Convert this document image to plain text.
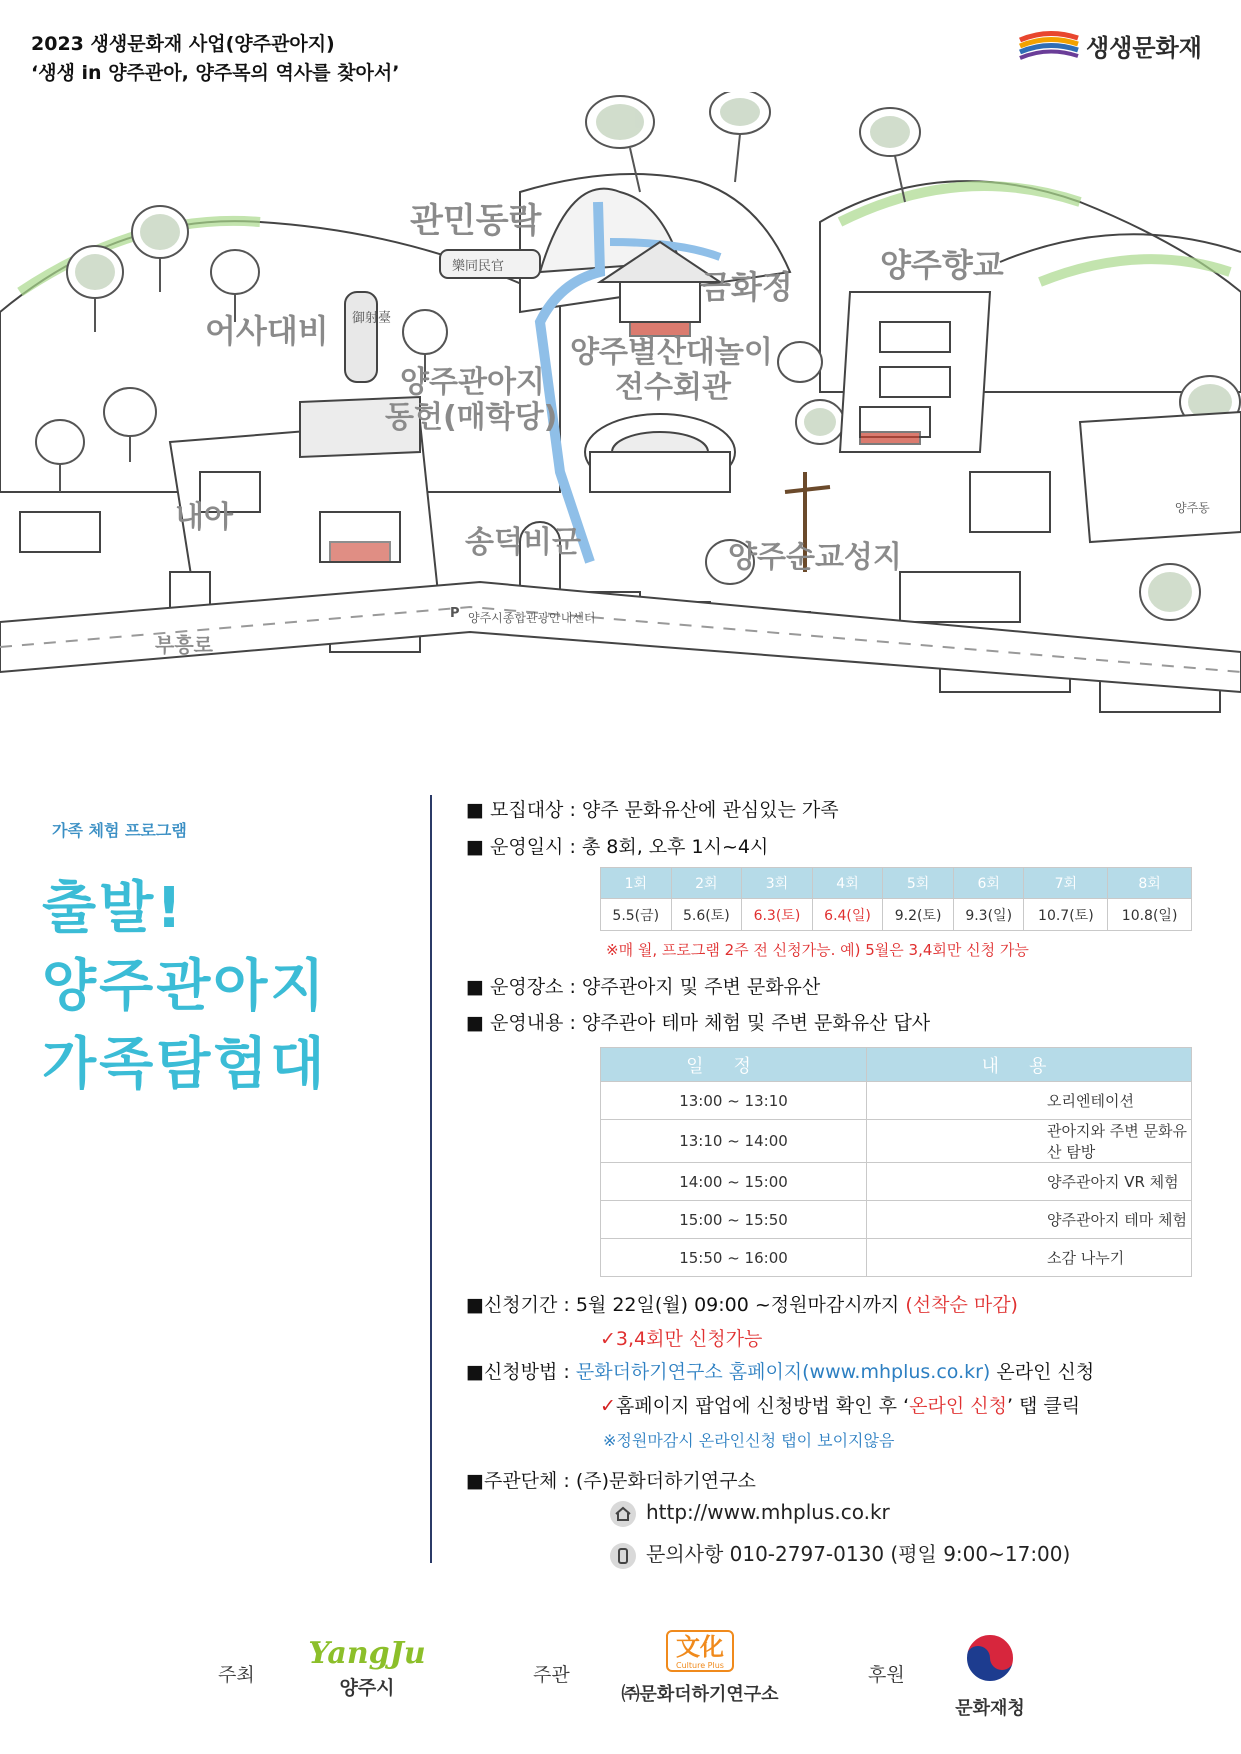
2023 생생문화재 사업(양주관아지)
‘생생 in 양주관아, 양주목의 역사를 찾아서’
생생문화재
관민동락
樂同民官
금화정
양주향교
어사대비 御射臺
양주별산대놀이
전수회관
양주관아지
동헌(매학당)
내아
송덕비군	양주순교성지
양주시종합관광안내센터
부흥로
양주동
P
가족 체험 프로그램
출발!
양주관아지
가족탐험대
■ 모집대상 : 양주 문화유산에 관심있는 가족
■ 운영일시 : 총 8회, 오후 1시~4시
1회	2회	3회	4회	5회	6회	7회	8회
5.5(금)	5.6(토)	6.3(토)	6.4(일)	9.2(토)	9.3(일)	10.7(토)	10.8(일)
※매 월, 프로그램 2주 전 신청가능. 예) 5월은 3,4회만 신청 가능
■ 운영장소 : 양주관아지 및 주변 문화유산
■ 운영내용 : 양주관아 테마 체험 및 주변 문화유산 답사
일정	내용
13:00 ~ 13:10	오리엔테이션
13:10 ~ 14:00	관아지와 주변 문화유산 탐방
14:00 ~ 15:00	양주관아지 VR 체험
15:00 ~ 15:50	양주관아지 테마 체험
15:50 ~ 16:00	소감 나누기
■신청기간 : 5월 22일(월) 09:00 ~정원마감시까지 (선착순 마감)
✓3,4회만 신청가능
■신청방법 : 문화더하기연구소 홈페이지(www.mhplus.co.kr) 온라인 신청
✓홈페이지 팝업에 신청방법 확인 후 ‘온라인 신청’ 탭 클릭
※정원마감시 온라인신청 탭이 보이지않음
■주관단체 : (주)문화더하기연구소
http://www.mhplus.co.kr
문의사항 010-2797-0130 (평일 9:00~17:00)
주최
YangJu
양주시
주관
文化
Culture Plus
㈜문화더하기연구소
후원
문화재청
